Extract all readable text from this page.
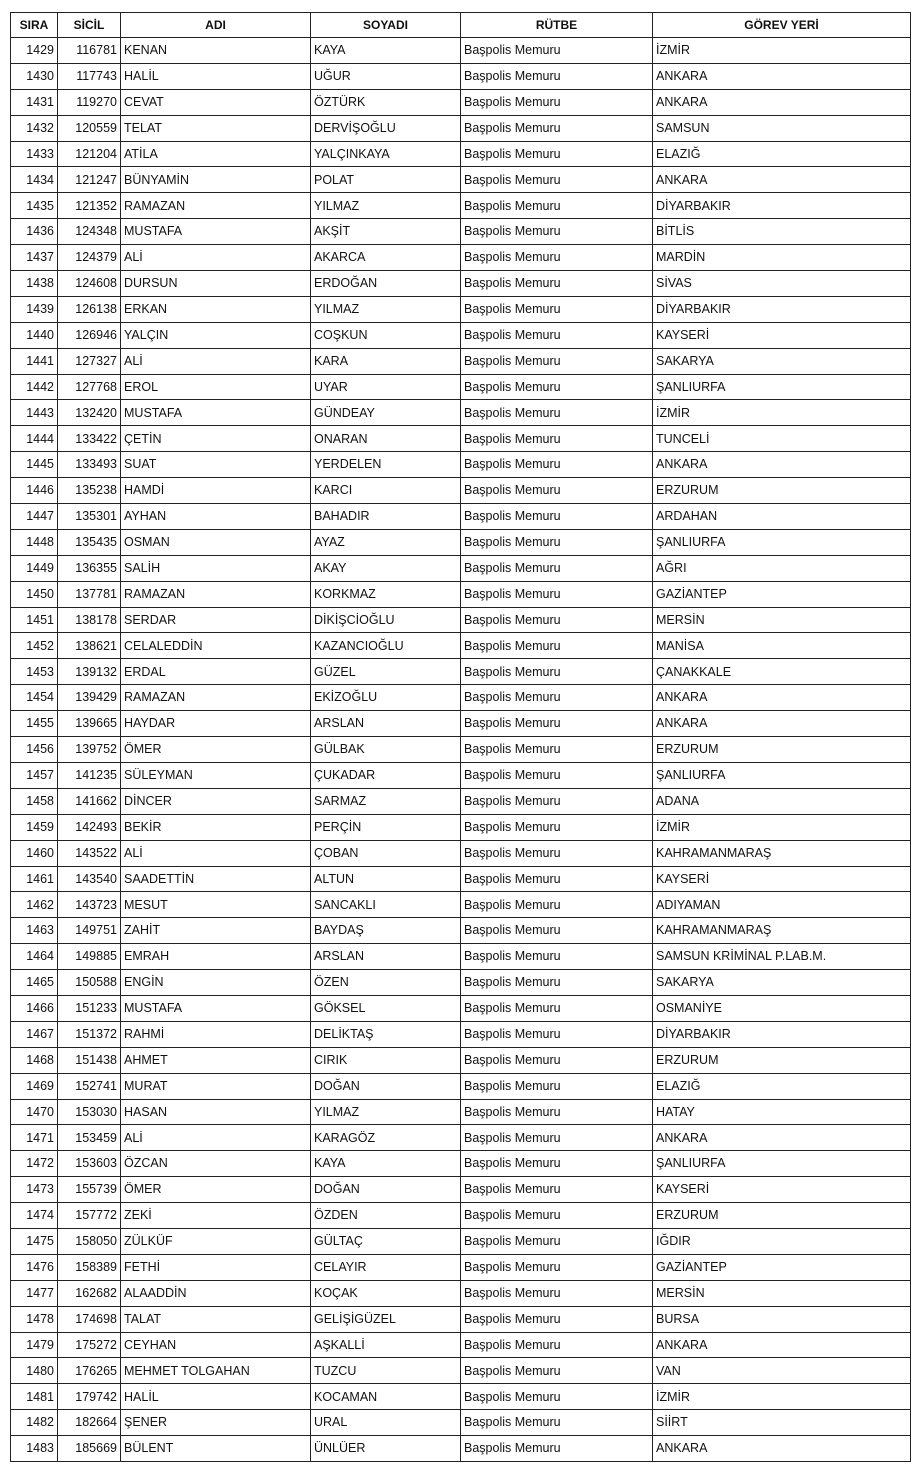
SIRA	SİCİL	ADI	SOYADI	RÜTBE	GÖREV YERİ
1429	116781	KENAN	KAYA	Başpolis Memuru	İZMİR
1430	117743	HALİL	UĞUR	Başpolis Memuru	ANKARA
1431	119270	CEVAT	ÖZTÜRK	Başpolis Memuru	ANKARA
1432	120559	TELAT	DERVİŞOĞLU	Başpolis Memuru	SAMSUN
1433	121204	ATİLA	YALÇINKAYA	Başpolis Memuru	ELAZIĞ
1434	121247	BÜNYAMİN	POLAT	Başpolis Memuru	ANKARA
1435	121352	RAMAZAN	YILMAZ	Başpolis Memuru	DİYARBAKIR
1436	124348	MUSTAFA	AKŞİT	Başpolis Memuru	BİTLİS
1437	124379	ALİ	AKARCA	Başpolis Memuru	MARDİN
1438	124608	DURSUN	ERDOĞAN	Başpolis Memuru	SİVAS
1439	126138	ERKAN	YILMAZ	Başpolis Memuru	DİYARBAKIR
1440	126946	YALÇIN	COŞKUN	Başpolis Memuru	KAYSERİ
1441	127327	ALİ	KARA	Başpolis Memuru	SAKARYA
1442	127768	EROL	UYAR	Başpolis Memuru	ŞANLIURFA
1443	132420	MUSTAFA	GÜNDEAY	Başpolis Memuru	İZMİR
1444	133422	ÇETİN	ONARAN	Başpolis Memuru	TUNCELİ
1445	133493	SUAT	YERDELEN	Başpolis Memuru	ANKARA
1446	135238	HAMDİ	KARCI	Başpolis Memuru	ERZURUM
1447	135301	AYHAN	BAHADIR	Başpolis Memuru	ARDAHAN
1448	135435	OSMAN	AYAZ	Başpolis Memuru	ŞANLIURFA
1449	136355	SALİH	AKAY	Başpolis Memuru	AĞRI
1450	137781	RAMAZAN	KORKMAZ	Başpolis Memuru	GAZİANTEP
1451	138178	SERDAR	DİKİŞCİOĞLU	Başpolis Memuru	MERSİN
1452	138621	CELALEDDİN	KAZANCIOĞLU	Başpolis Memuru	MANİSA
1453	139132	ERDAL	GÜZEL	Başpolis Memuru	ÇANAKKALE
1454	139429	RAMAZAN	EKİZOĞLU	Başpolis Memuru	ANKARA
1455	139665	HAYDAR	ARSLAN	Başpolis Memuru	ANKARA
1456	139752	ÖMER	GÜLBAK	Başpolis Memuru	ERZURUM
1457	141235	SÜLEYMAN	ÇUKADAR	Başpolis Memuru	ŞANLIURFA
1458	141662	DİNCER	SARMAZ	Başpolis Memuru	ADANA
1459	142493	BEKİR	PERÇİN	Başpolis Memuru	İZMİR
1460	143522	ALİ	ÇOBAN	Başpolis Memuru	KAHRAMANMARAŞ
1461	143540	SAADETTİN	ALTUN	Başpolis Memuru	KAYSERİ
1462	143723	MESUT	SANCAKLI	Başpolis Memuru	ADIYAMAN
1463	149751	ZAHİT	BAYDAŞ	Başpolis Memuru	KAHRAMANMARAŞ
1464	149885	EMRAH	ARSLAN	Başpolis Memuru	SAMSUN KRİMİNAL P.LAB.M.
1465	150588	ENGİN	ÖZEN	Başpolis Memuru	SAKARYA
1466	151233	MUSTAFA	GÖKSEL	Başpolis Memuru	OSMANİYE
1467	151372	RAHMİ	DELİKTAŞ	Başpolis Memuru	DİYARBAKIR
1468	151438	AHMET	CIRIK	Başpolis Memuru	ERZURUM
1469	152741	MURAT	DOĞAN	Başpolis Memuru	ELAZIĞ
1470	153030	HASAN	YILMAZ	Başpolis Memuru	HATAY
1471	153459	ALİ	KARAGÖZ	Başpolis Memuru	ANKARA
1472	153603	ÖZCAN	KAYA	Başpolis Memuru	ŞANLIURFA
1473	155739	ÖMER	DOĞAN	Başpolis Memuru	KAYSERİ
1474	157772	ZEKİ	ÖZDEN	Başpolis Memuru	ERZURUM
1475	158050	ZÜLKÜF	GÜLTAÇ	Başpolis Memuru	IĞDIR
1476	158389	FETHİ	CELAYIR	Başpolis Memuru	GAZİANTEP
1477	162682	ALAADDİN	KOÇAK	Başpolis Memuru	MERSİN
1478	174698	TALAT	GELİŞİGÜZEL	Başpolis Memuru	BURSA
1479	175272	CEYHAN	AŞKALLİ	Başpolis Memuru	ANKARA
1480	176265	MEHMET TOLGAHAN	TUZCU	Başpolis Memuru	VAN
1481	179742	HALİL	KOCAMAN	Başpolis Memuru	İZMİR
1482	182664	ŞENER	URAL	Başpolis Memuru	SİİRT
1483	185669	BÜLENT	ÜNLÜER	Başpolis Memuru	ANKARA
